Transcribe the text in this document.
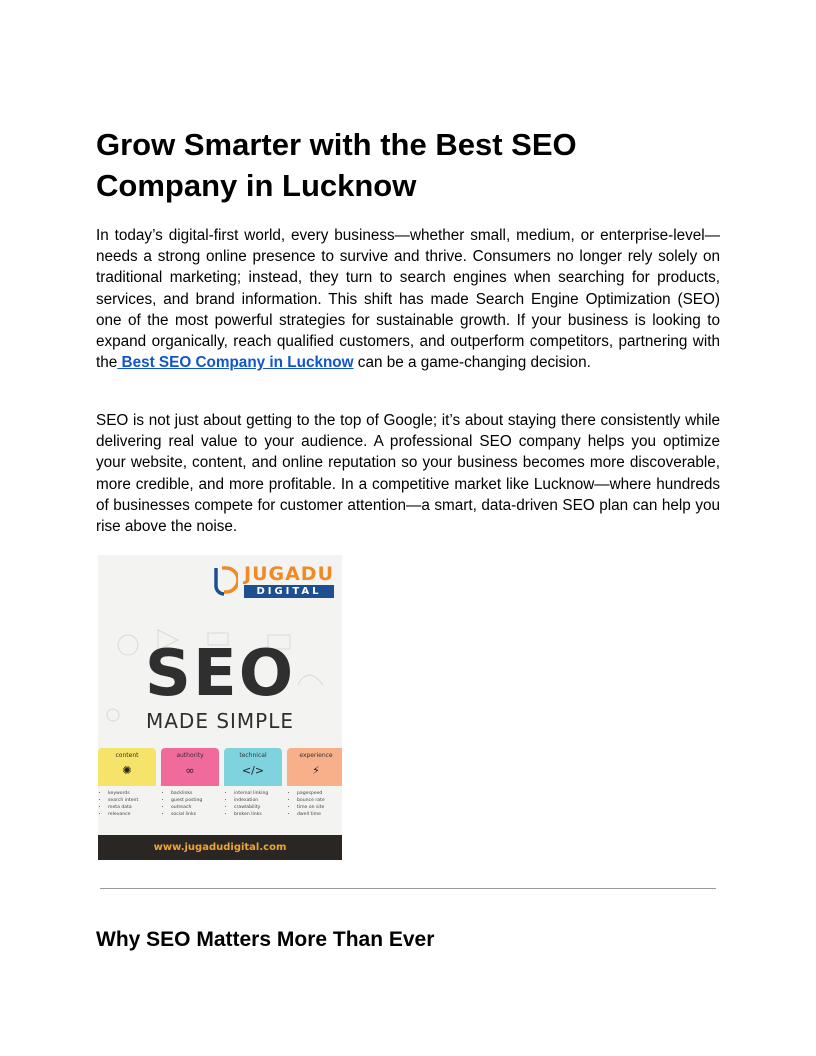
Grow Smarter with the Best SEO Company in Lucknow

In today’s digital-first world, every business—whether small, medium, or enterprise-level—needs a strong online presence to survive and thrive. Consumers no longer rely solely on traditional marketing; instead, they turn to search engines when searching for products, services, and brand information. This shift has made Search Engine Optimization (SEO) one of the most powerful strategies for sustainable growth. If your business is looking to expand organically, reach qualified customers, and outperform competitors, partnering with the Best SEO Company in Lucknow can be a game-changing decision.

SEO is not just about getting to the top of Google; it’s about staying there consistently while delivering real value to your audience. A professional SEO company helps you optimize your website, content, and online reputation so your business becomes more discoverable, more credible, and more profitable. In a competitive market like Lucknow—where hundreds of businesses compete for customer attention—a smart, data-driven SEO plan can help you rise above the noise.

JUGADU
DIGITAL
SEO
MADE SIMPLE
content
✺
• keywords
• search intent
• meta data
• relevance
authority
∞
• backlinks
• guest posting
• outreach
• social links
technical
</>
• internal linking
• indexation
• crawlability
• broken links
experience
⚡
• pagespeed
• bounce rate
• time on site
• dwell time
www.jugadudigital.com
Why SEO Matters More Than Ever
